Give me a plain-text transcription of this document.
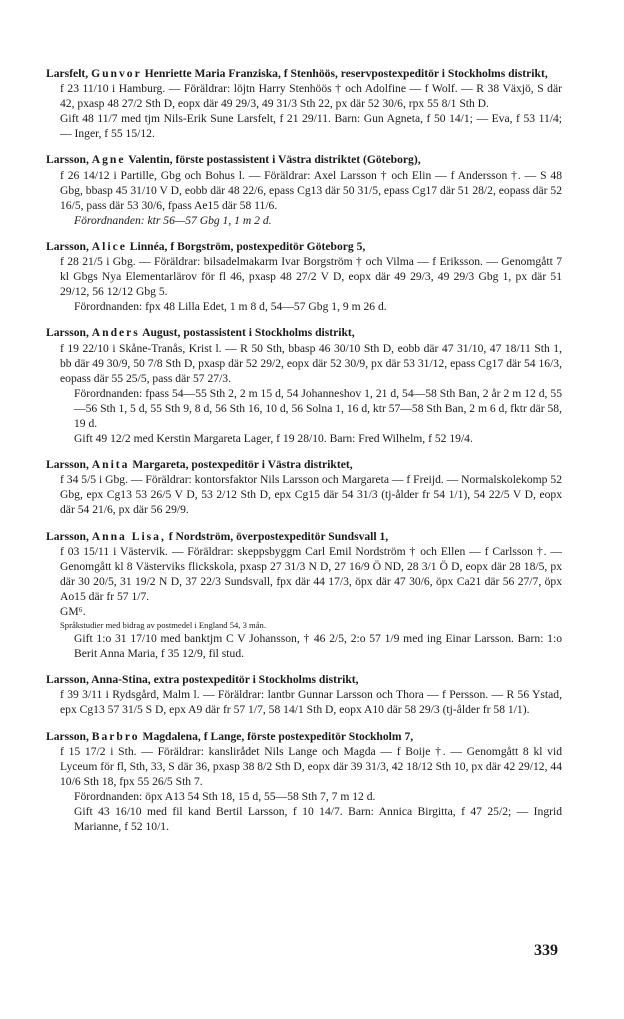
Larsfelt, Gunvor Henriette Maria Franziska, f Stenhöös, reservpostexpeditör i Stockholms distrikt,

f 23 11/10 i Hamburg. — Föräldrar: löjtn Harry Stenhöös † och Adolfine — f Wolf. — R 38 Växjö, S där 42, pxasp 48 27/2 Sth D, eopx där 49 29/3, 49 31/3 Sth 22, px där 52 30/6, rpx 55 8/1 Sth D.

Gift 48 11/7 med tjm Nils-Erik Sune Larsfelt, f 21 29/11. Barn: Gun Agneta, f 50 14/1; — Eva, f 53 11/4; — Inger, f 55 15/12.

Larsson, Agne Valentin, förste postassistent i Västra distriktet (Göteborg),

f 26 14/12 i Partille, Gbg och Bohus l. — Föräldrar: Axel Larsson † och Elin — f Andersson †. — S 48 Gbg, bbasp 45 31/10 V D, eobb där 48 22/6, epass Cg13 där 50 31/5, epass Cg17 där 51 28/2, eopass där 52 16/5, pass där 53 30/6, fpass Ae15 där 58 11/6.

Förordnanden: ktr 56—57 Gbg 1, 1 m 2 d.

Larsson, Alice Linnéa, f Borgström, postexpeditör Göteborg 5,

f 28 21/5 i Gbg. — Föräldrar: bilsadelmakarm Ivar Borgström † och Vilma — f Eriksson. — Genomgått 7 kl Gbgs Nya Elementarlärov för fl 46, pxasp 48 27/2 V D, eopx där 49 29/3, 49 29/3 Gbg 1, px där 51 29/12, 56 12/12 Gbg 5.

Förordnanden: fpx 48 Lilla Edet, 1 m 8 d, 54—57 Gbg 1, 9 m 26 d.

Larsson, Anders August, postassistent i Stockholms distrikt,

f 19 22/10 i Skåne-Tranås, Krist l. — R 50 Sth, bbasp 46 30/10 Sth D, eobb där 47 31/10, 47 18/11 Sth 1, bb där 49 30/9, 50 7/8 Sth D, pxasp där 52 29/2, eopx där 52 30/9, px där 53 31/12, epass Cg17 där 54 16/3, eopass där 55 25/5, pass där 57 27/3.

Förordnanden: fpass 54—55 Sth 2, 2 m 15 d, 54 Johanneshov 1, 21 d, 54—58 Sth Ban, 2 år 2 m 12 d, 55—56 Sth 1, 5 d, 55 Sth 9, 8 d, 56 Sth 16, 10 d, 56 Solna 1, 16 d, ktr 57—58 Sth Ban, 2 m 6 d, fktr där 58, 19 d.

Gift 49 12/2 med Kerstin Margareta Lager, f 19 28/10. Barn: Fred Wilhelm, f 52 19/4.

Larsson, Anita Margareta, postexpeditör i Västra distriktet,

f 34 5/5 i Gbg. — Föräldrar: kontorsfaktor Nils Larsson och Margareta — f Freijd. — Normalskolekomp 52 Gbg, epx Cg13 53 26/5 V D, 53 2/12 Sth D, epx Cg15 där 54 31/3 (tj-ålder fr 54 1/1), 54 22/5 V D, eopx där 54 21/6, px där 56 29/9.

Larsson, Anna Lisa, f Nordström, överpostexpeditör Sundsvall 1,

f 03 15/11 i Västervik. — Föräldrar: skeppsbyggm Carl Emil Nordström † och Ellen — f Carlsson †. — Genomgått kl 8 Västerviks flickskola, pxasp 27 31/3 N D, 27 16/9 Ö ND, 28 3/1 Ö D, eopx där 28 18/5, px där 30 20/5, 31 19/2 N D, 37 22/3 Sundsvall, fpx där 44 17/3, öpx där 47 30/6, öpx Ca21 där 56 27/7, öpx Ao15 där fr 57 1/7.

GM⁶.

Språkstudier med bidrag av postmedel i England 54, 3 mån.

Gift 1:o 31 17/10 med banktjm C V Johansson, † 46 2/5, 2:o 57 1/9 med ing Einar Larsson. Barn: 1:o Berit Anna Maria, f 35 12/9, fil stud.

Larsson, Anna-Stina, extra postexpeditör i Stockholms distrikt,

f 39 3/11 i Rydsgård, Malm l. — Föräldrar: lantbr Gunnar Larsson och Thora — f Persson. — R 56 Ystad, epx Cg13 57 31/5 S D, epx A9 där fr 57 1/7, 58 14/1 Sth D, eopx A10 där 58 29/3 (tj-ålder fr 58 1/1).

Larsson, Barbro Magdalena, f Lange, förste postexpeditör Stockholm 7,

f 15 17/2 i Sth. — Föräldrar: kanslirådet Nils Lange och Magda — f Boije †. — Genomgått 8 kl vid Lyceum för fl, Sth, 33, S där 36, pxasp 38 8/2 Sth D, eopx där 39 31/3, 42 18/12 Sth 10, px där 42 29/12, 44 10/6 Sth 18, fpx 55 26/5 Sth 7.

Förordnanden: öpx A13 54 Sth 18, 15 d, 55—58 Sth 7, 7 m 12 d.

Gift 43 16/10 med fil kand Bertil Larsson, f 10 14/7. Barn: Annica Birgitta, f 47 25/2; — Ingrid Marianne, f 52 10/1.

339
